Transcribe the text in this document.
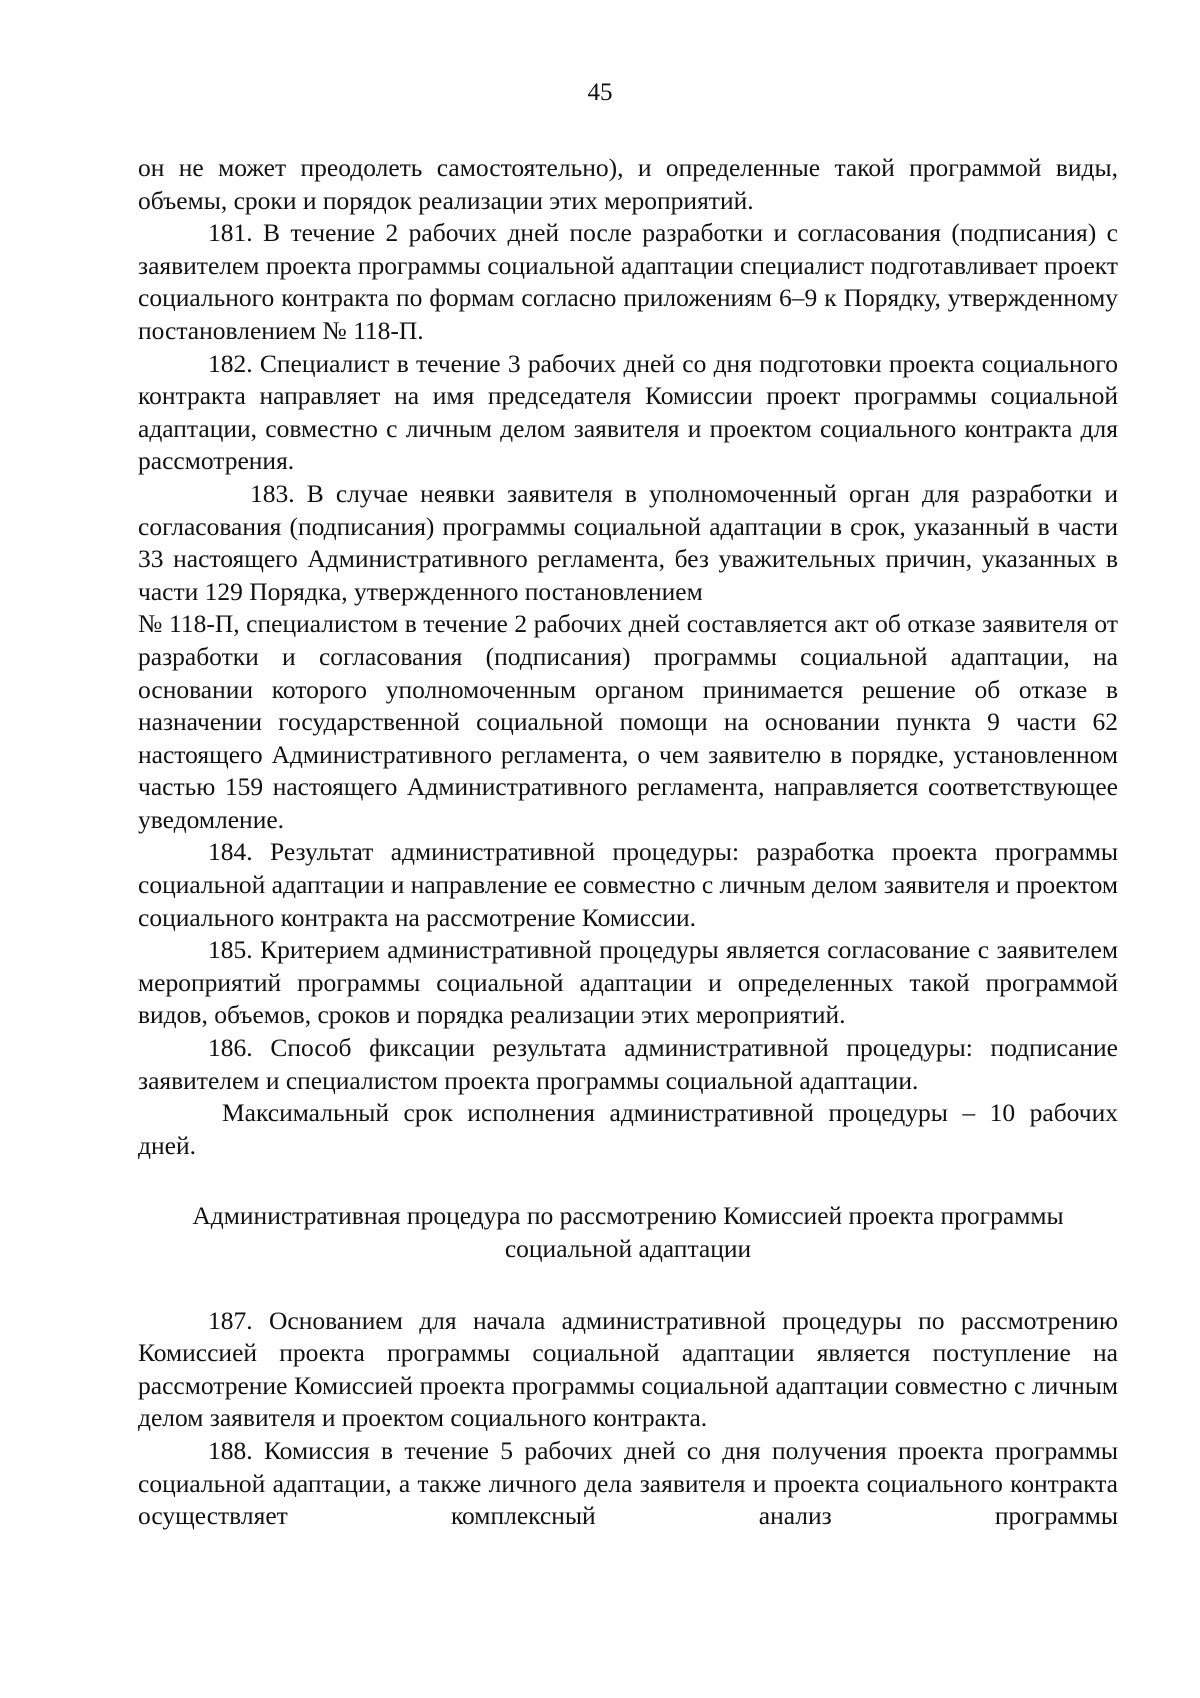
45

он не может преодолеть самостоятельно), и определенные такой программой виды, объемы, сроки и порядок реализации этих мероприятий.

181. В течение 2 рабочих дней после разработки и согласования (подписания) с заявителем проекта программы социальной адаптации специалист подготавливает проект социального контракта по формам согласно приложениям 6–9 к Порядку, утвержденному постановлением № 118-П.

182. Специалист в течение 3 рабочих дней со дня подготовки проекта социального контракта направляет на имя председателя Комиссии проект программы социальной адаптации, совместно с личным делом заявителя и проектом социального контракта для рассмотрения.

183. В случае неявки заявителя в уполномоченный орган для разработки и согласования (подписания) программы социальной адаптации в срок, указанный в части 33 настоящего Административного регламента, без уважительных причин, указанных в части 129 Порядка, утвержденного постановлением

№ 118-П, специалистом в течение 2 рабочих дней составляется акт об отказе заявителя от разработки и согласования (подписания) программы социальной адаптации, на основании которого уполномоченным органом принимается решение об отказе в назначении государственной социальной помощи на основании пункта 9 части 62 настоящего Административного регламента, о чем заявителю в порядке, установленном частью 159 настоящего Административного регламента, направляется соответствующее уведомление.

184. Результат административной процедуры: разработка проекта программы социальной адаптации и направление ее совместно с личным делом заявителя и проектом социального контракта на рассмотрение Комиссии.

185. Критерием административной процедуры является согласование с заявителем мероприятий программы социальной адаптации и определенных такой программой видов, объемов, сроков и порядка реализации этих мероприятий.

186. Способ фиксации результата административной процедуры: подписание заявителем и специалистом проекта программы социальной адаптации.

Максимальный срок исполнения административной процедуры – 10 рабочих дней.

Административная процедура по рассмотрению Комиссией проекта программы социальной адаптации

187. Основанием для начала административной процедуры по рассмотрению Комиссией проекта программы социальной адаптации является поступление на рассмотрение Комиссией проекта программы социальной адаптации совместно с личным делом заявителя и проектом социального контракта.

188. Комиссия в течение 5 рабочих дней со дня получения проекта программы социальной адаптации, а также личного дела заявителя и проекта социального контракта осуществляет комплексный анализ программы
